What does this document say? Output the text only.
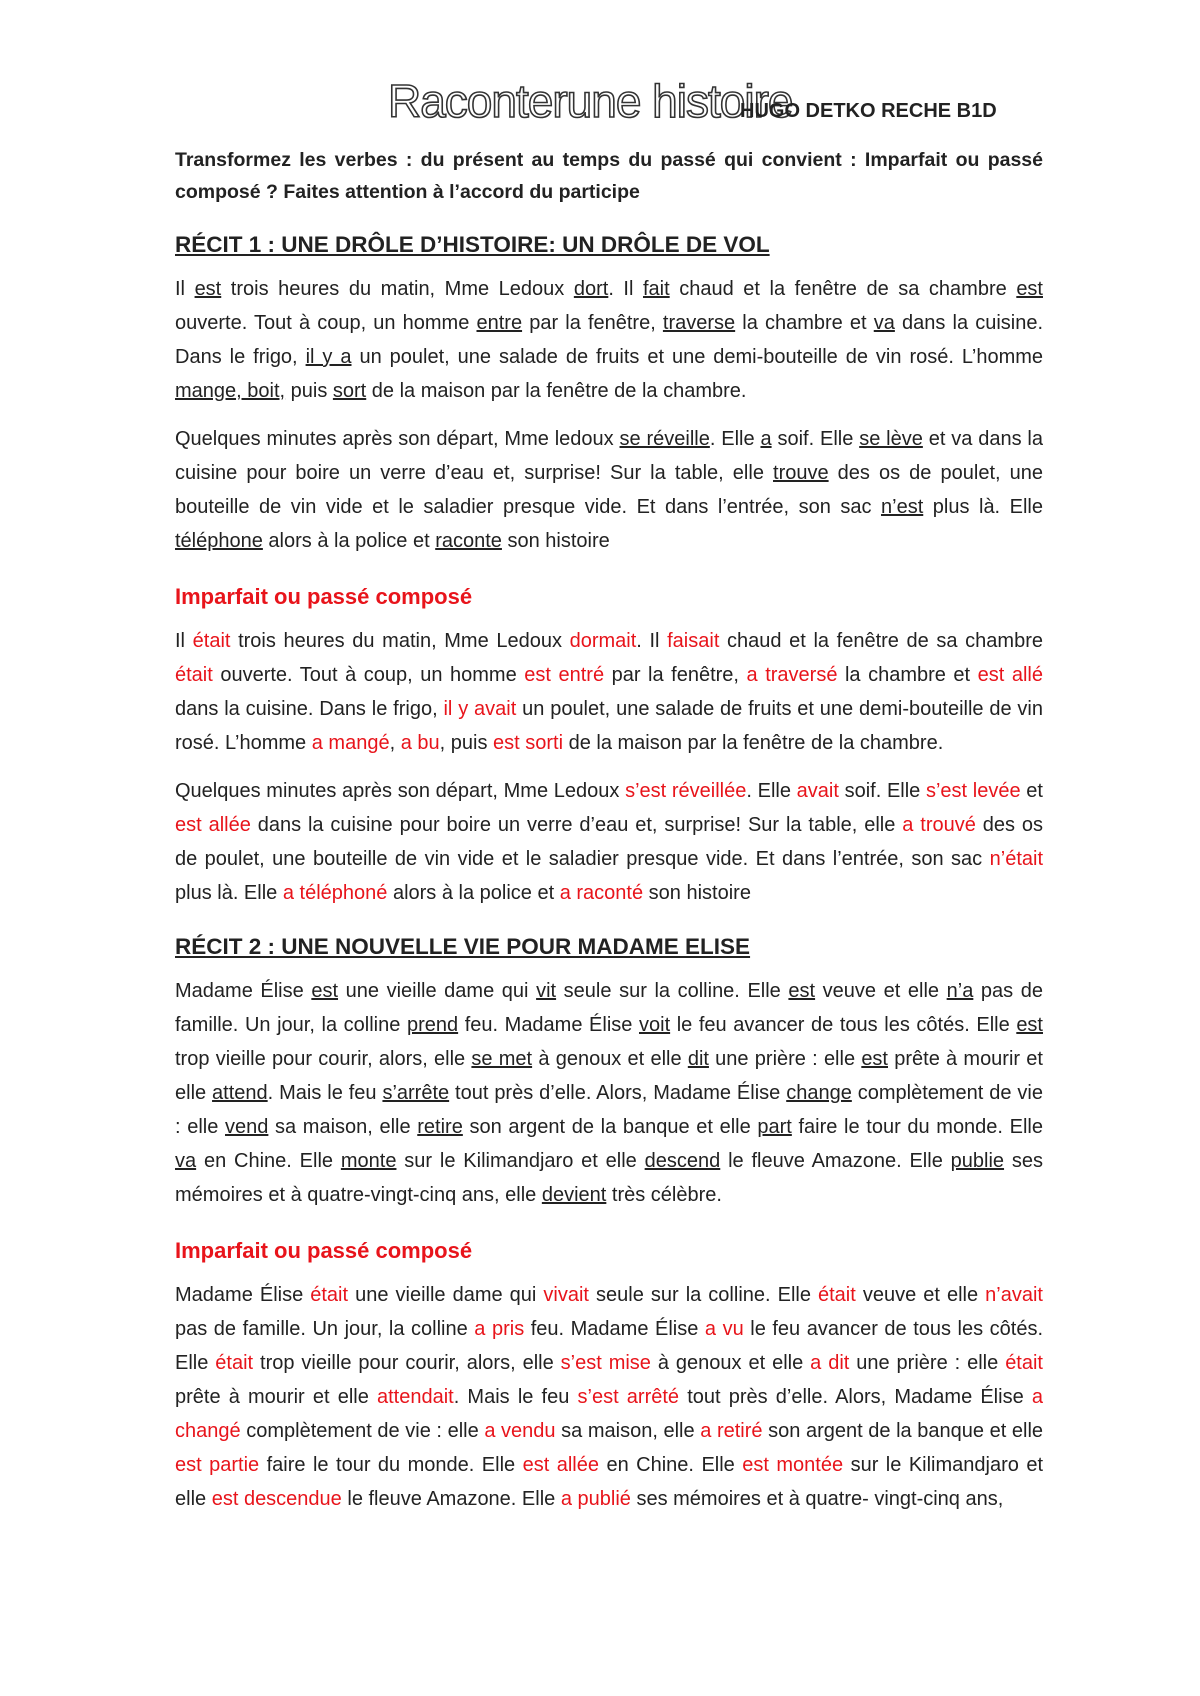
Raconterune histoire
HUGO DETKO RECHE B1D

Transformez les verbes : du présent au temps du passé qui convient : Imparfait ou passé composé ? Faites attention à l’accord du participe

RÉCIT 1 : UNE DRÔLE D’HISTOIRE: UN DRÔLE DE VOL

Il est trois heures du matin, Mme Ledoux dort. Il fait chaud et la fenêtre de sa chambre est ouverte. Tout à coup, un homme entre par la fenêtre, traverse la chambre et va dans la cuisine. Dans le frigo, il y a un poulet, une salade de fruits et une demi-bouteille de vin rosé. L’homme mange, boit, puis sort de la maison par la fenêtre de la chambre.

Quelques minutes après son départ, Mme ledoux se réveille. Elle a soif. Elle se lève et va dans la cuisine pour boire un verre d’eau et, surprise! Sur la table, elle trouve des os de poulet, une bouteille de vin vide et le saladier presque vide. Et dans l’entrée, son sac n’est plus là. Elle téléphone alors à la police et raconte son histoire

Imparfait ou passé composé

Il était trois heures du matin, Mme Ledoux dormait. Il faisait chaud et la fenêtre de sa chambre était ouverte. Tout à coup, un homme est entré par la fenêtre, a traversé la chambre et est allé dans la cuisine. Dans le frigo, il y avait un poulet, une salade de fruits et une demi-bouteille de vin rosé. L’homme a mangé, a bu, puis est sorti de la maison par la fenêtre de la chambre.

Quelques minutes après son départ, Mme Ledoux s’est réveillée. Elle avait soif. Elle s’est levée et est allée dans la cuisine pour boire un verre d’eau et, surprise! Sur la table, elle a trouvé des os de poulet, une bouteille de vin vide et le saladier presque vide. Et dans l’entrée, son sac n’était plus là. Elle a téléphoné alors à la police et a raconté son histoire

RÉCIT 2 : UNE NOUVELLE VIE POUR MADAME ELISE

Madame Élise est une vieille dame qui vit seule sur la colline. Elle est veuve et elle n’a pas de famille. Un jour, la colline prend feu. Madame Élise voit le feu avancer de tous les côtés. Elle est trop vieille pour courir, alors, elle se met à genoux et elle dit une prière : elle est prête à mourir et elle attend. Mais le feu s’arrête tout près d’elle. Alors, Madame Élise change complètement de vie : elle vend sa maison, elle retire son argent de la banque et elle part faire le tour du monde. Elle va en Chine. Elle monte sur le Kilimandjaro et elle descend le fleuve Amazone. Elle publie ses mémoires et à quatre-vingt-cinq ans, elle devient très célèbre.

Imparfait ou passé composé

Madame Élise était une vieille dame qui vivait seule sur la colline. Elle était veuve et elle n’avait pas de famille. Un jour, la colline a pris feu. Madame Élise a vu le feu avancer de tous les côtés. Elle était trop vieille pour courir, alors, elle s’est mise à genoux et elle a dit une prière : elle était prête à mourir et elle attendait. Mais le feu s’est arrêté tout près d’elle. Alors, Madame Élise a changé complètement de vie : elle a vendu sa maison, elle a retiré son argent de la banque et elle est partie faire le tour du monde. Elle est allée en Chine. Elle est montée sur le Kilimandjaro et elle est descendue le fleuve Amazone. Elle a publié ses mémoires et à quatre- vingt-cinq ans,
